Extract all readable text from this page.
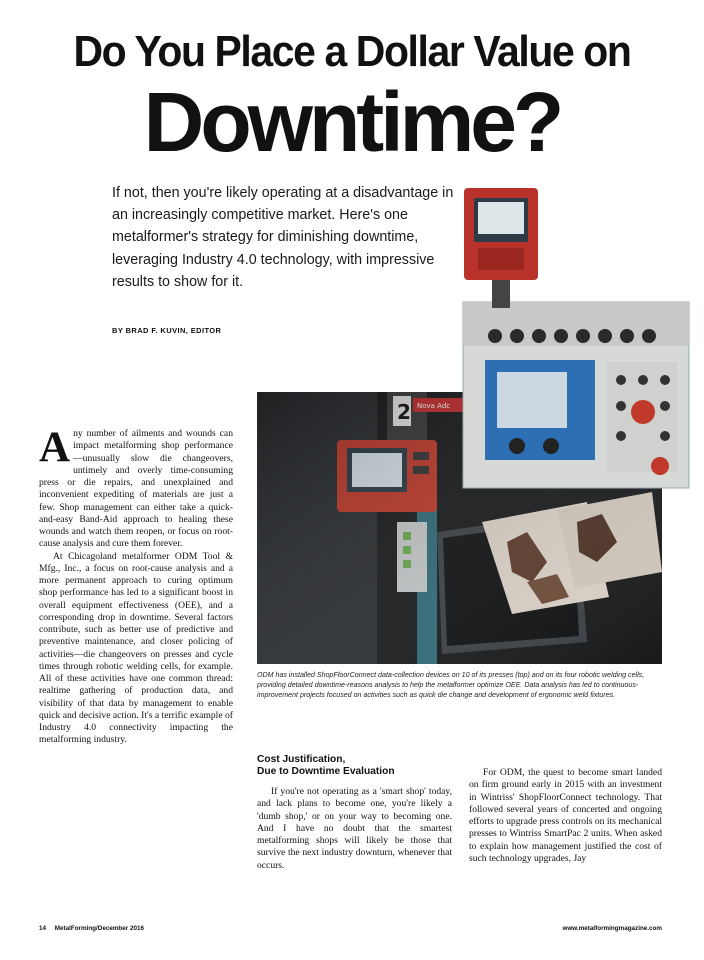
Do You Place a Dollar Value on
Downtime?
If not, then you're likely operating at a disadvantage in an increasingly competitive market. Here's one metalformer's strategy for diminishing downtime, leveraging Industry 4.0 technology, with impressive results to show for it.
BY BRAD F. KUVIN, EDITOR
2 Nova Adc
ODM has installed ShopFloorConnect data-collection devices on 10 of its presses (top) and on its four robotic welding cells, providing detailed downtime-reasons analysis to help the metalformer optimize OEE. Data analysis has led to continuous-improvement projects focused on activities such as quick die change and development of ergonomic weld fixtures.

Any number of ailments and wounds can impact metalforming shop performance—unusually slow die changeovers, untimely and overly time-consuming press or die repairs, and unexplained and inconvenient expediting of materials are just a few. Shop management can either take a quick-and-easy Band-Aid approach to healing these wounds and watch them reopen, or focus on root-cause analysis and cure them forever.

At Chicagoland metalformer ODM Tool & Mfg., Inc., a focus on root-cause analysis and a more permanent approach to curing optimum shop performance has led to a significant boost in overall equipment effectiveness (OEE), and a corresponding drop in downtime. Several factors contribute, such as better use of predictive and preventive maintenance, and closer policing of activities—die changeovers on presses and cycle times through robotic welding cells, for example. All of these activities have one common thread: realtime gathering of production data, and visibility of that data by management to enable quick and decisive action. It's a terrific example of Industry 4.0 connectivity impacting the metalforming industry.

Cost Justification,
Due to Downtime Evaluation

If you're not operating as a 'smart shop' today, and lack plans to become one, you're likely a 'dumb shop,' or on your way to becoming one. And I have no doubt that the smartest metalforming shops will likely be those that survive the next industry downturn, whenever that occurs.

For ODM, the quest to become smart landed on firm ground early in 2015 with an investment in Wintriss' ShopFloorConnect technology. That followed several years of concerted and ongoing efforts to upgrade press controls on its mechanical presses to Wintriss SmartPac 2 units. When asked to explain how management justified the cost of such technology upgrades, Jay

14     MetalForming/December 2016	www.metalformingmagazine.com
